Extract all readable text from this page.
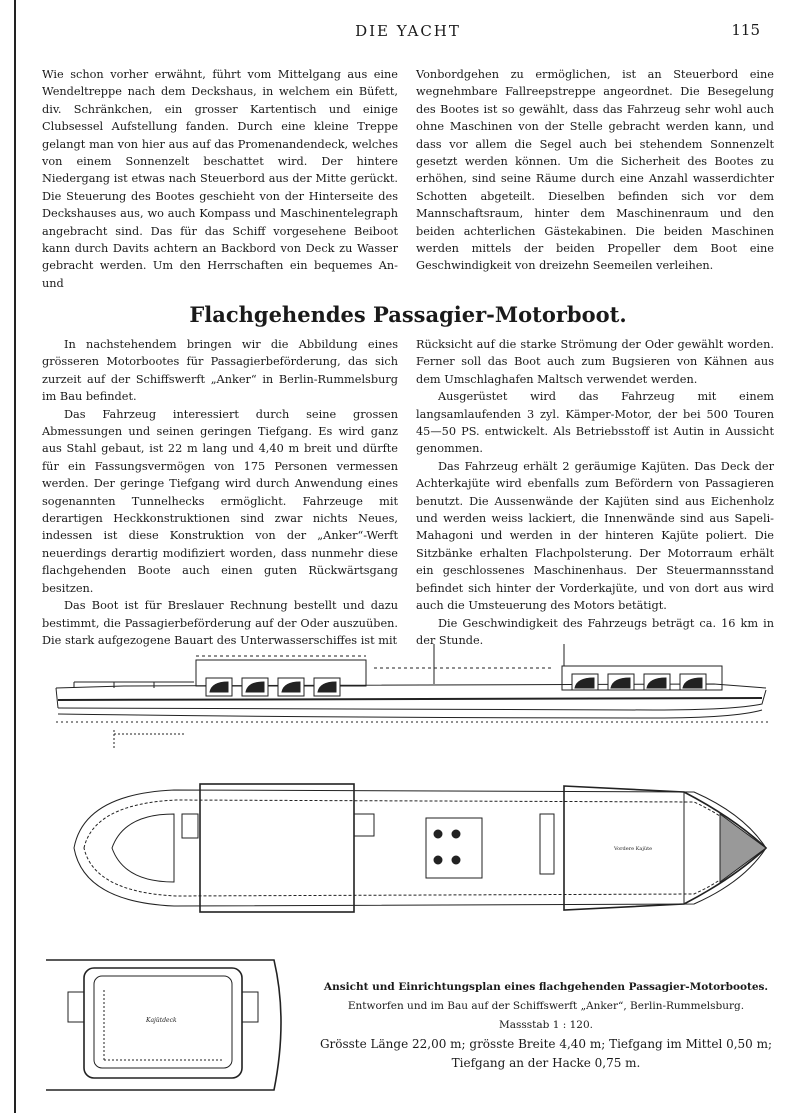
DIE YACHT	115

Wie schon vorher erwähnt, führt vom Mittelgang aus eine Wendeltreppe nach dem Deckshaus, in welchem ein Büfett, div. Schränkchen, ein grosser Kartentisch und einige Clubsessel Aufstellung fanden. Durch eine kleine Treppe gelangt man von hier aus auf das Promenandendeck, welches von einem Sonnenzelt beschattet wird. Der hintere Niedergang ist etwas nach Steuerbord aus der Mitte gerückt. Die Steuerung des Bootes geschieht von der Hinterseite des Deckshauses aus, wo auch Kompass und Maschinentelegraph angebracht sind. Das für das Schiff vorgesehene Beiboot kann durch Davits achtern an Backbord von Deck zu Wasser gebracht werden. Um den Herrschaften ein bequemes An- und

Vonbordgehen zu ermöglichen, ist an Steuerbord eine wegnehmbare Fallreepstreppe angeordnet. Die Besegelung des Bootes ist so gewählt, dass das Fahrzeug sehr wohl auch ohne Maschinen von der Stelle gebracht werden kann, und dass vor allem die Segel auch bei stehendem Sonnenzelt gesetzt werden können. Um die Sicherheit des Bootes zu erhöhen, sind seine Räume durch eine Anzahl wasserdichter Schotten abgeteilt. Dieselben befinden sich vor dem Mannschaftsraum, hinter dem Maschinenraum und den beiden achterlichen Gästekabinen. Die beiden Maschinen werden mittels der beiden Propeller dem Boot eine Geschwindigkeit von dreizehn Seemeilen verleihen.

Flachgehendes Passagier-Motorboot.

In nachstehendem bringen wir die Abbildung eines grösseren Motorbootes für Passagierbeförderung, das sich zurzeit auf der Schiffswerft „Anker“ in Berlin-Rummelsburg im Bau befindet.

Das Fahrzeug interessiert durch seine grossen Abmessungen und seinen geringen Tiefgang. Es wird ganz aus Stahl gebaut, ist 22 m lang und 4,40 m breit und dürfte für ein Fassungsvermögen von 175 Personen vermessen werden. Der geringe Tiefgang wird durch Anwendung eines sogenannten Tunnelhecks ermöglicht. Fahrzeuge mit derartigen Heckkonstruktionen sind zwar nichts Neues, indessen ist diese Konstruktion von der „Anker“-Werft neuerdings derartig modifiziert worden, dass nunmehr diese flachgehenden Boote auch einen guten Rückwärtsgang besitzen.

Das Boot ist für Breslauer Rechnung bestellt und dazu bestimmt, die Passagierbeförderung auf der Oder auszuüben. Die stark aufgezogene Bauart des Unterwasserschiffes ist mit

Rücksicht auf die starke Strömung der Oder gewählt worden. Ferner soll das Boot auch zum Bugsieren von Kähnen aus dem Umschlaghafen Maltsch verwendet werden.

Ausgerüstet wird das Fahrzeug mit einem langsamlaufenden 3 zyl. Kämper-Motor, der bei 500 Touren 45—50 PS. entwickelt. Als Betriebsstoff ist Autin in Aussicht genommen.

Das Fahrzeug erhält 2 geräumige Kajüten. Das Deck der Achterkajüte wird ebenfalls zum Befördern von Passagieren benutzt. Die Aussenwände der Kajüten sind aus Eichenholz und werden weiss lackiert, die Innenwände sind aus Sapeli-Mahagoni und werden in der hinteren Kajüte poliert. Die Sitzbänke erhalten Flachpolsterung. Der Motorraum erhält ein geschlossenes Maschinenhaus. Der Steuermannsstand befindet sich hinter der Vorderkajüte, und von dort aus wird auch die Umsteuerung des Motors betätigt.

Die Geschwindigkeit des Fahrzeugs beträgt ca. 16 km in der Stunde.

Vordere Kajüte
Kajütdeck
Ansicht und Einrichtungsplan eines flachgehenden Passagier-Motorbootes.
Entworfen und im Bau auf der Schiffswerft „Anker“, Berlin-Rummelsburg.
Massstab 1 : 120.
Grösste Länge 22,00 m; grösste Breite 4,40 m; Tiefgang im Mittel 0,50 m;
Tiefgang an der Hacke 0,75 m.
